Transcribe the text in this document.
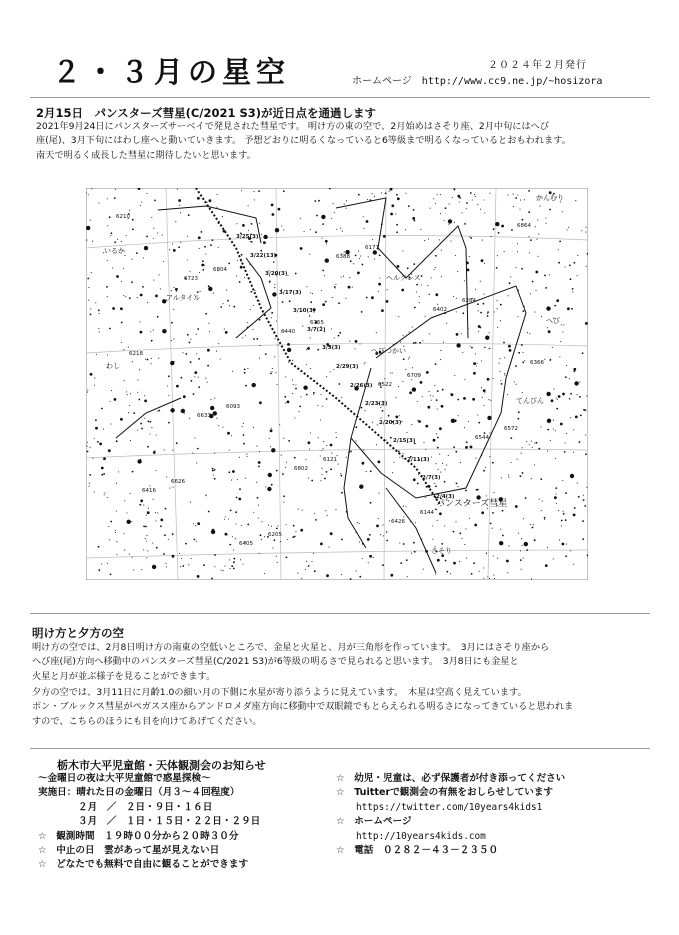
２・３月の星空	２０２４年２月発行
ホームページ　http://www.cc9.ne.jp/~hosizora
2月15日　パンスターズ彗星(C/2021 S3)が近日点を通過します
2021年9月24日にパンスターズサーベイで発見された彗星です。 明け方の東の空で、2月始めはさそり座、2月中旬にはへび
座(尾)、3月下旬にはわし座へと動いていきます。 予想どおりに明るくなっていると6等級まで明るくなっているとおもわれます。
南天で明るく成長した彗星に期待したいと思います。
かんむり
いるか
ヘルクレス
アルタイル
へび
わし
へびつかい
てんびん
さそり
パンスターズ彗星
6210
6804
6755
6709
6572
6626
6205
6171
6284
6218
6093
6121
6144
6864
6723
6440
6522
6544
6416
6405
6388
6402
6366
6633
6802
6426
3/25(3)
3/22(13)
3/20(3)
3/17(3)
3/10(3)
3/7(2)
3/3(3)
2/29(3)
2/26(3)
2/23(3)
2/20(3)
2/15(3)
2/11(3)
2/7(3)
2/4(3)
明け方と夕方の空
明け方の空では、2月8日明け方の南東の空低いところで、金星と火星と、月が三角形を作っています。　3月にはさそり座から
へび座(尾)方向へ移動中のパンスターズ彗星(C/2021 S3)が6等級の明るさで見られると思います。　3月8日にも金星と
火星と月が並ぶ様子を見ることができます。
夕方の空では、3月11日に月齢1.0の細い月の下側に水星が寄り添うように見えています。　木星は空高く見えています。
ポン・ブルックス彗星がペガスス座からアンドロメダ座方向に移動中で双眼鏡でもとらえられる明るさになってきていると思われま
すので、こちらのほうにも目を向けてあげてください。
栃木市大平児童館・天体観測会のお知らせ
～金曜日の夜は大平児童館で惑星探検～
実施日：晴れた日の金曜日（月３～４回程度）
２月　／　２日・９日・１６日
３月　／　１日・１５日・２２日・２９日
☆　観測時間　１９時００分から２０時３０分
☆　中止の日　雲があって星が見えない日
☆　どなたでも無料で自由に観ることができます
☆　幼児・児童は、必ず保護者が付き添ってください
☆　Tuitterで観測会の有無をおしらせしています
https://twitter.com/10years4kids1
☆　ホームページ
http://10years4kids.com
☆　電話　０２８２－４３－２３５０
